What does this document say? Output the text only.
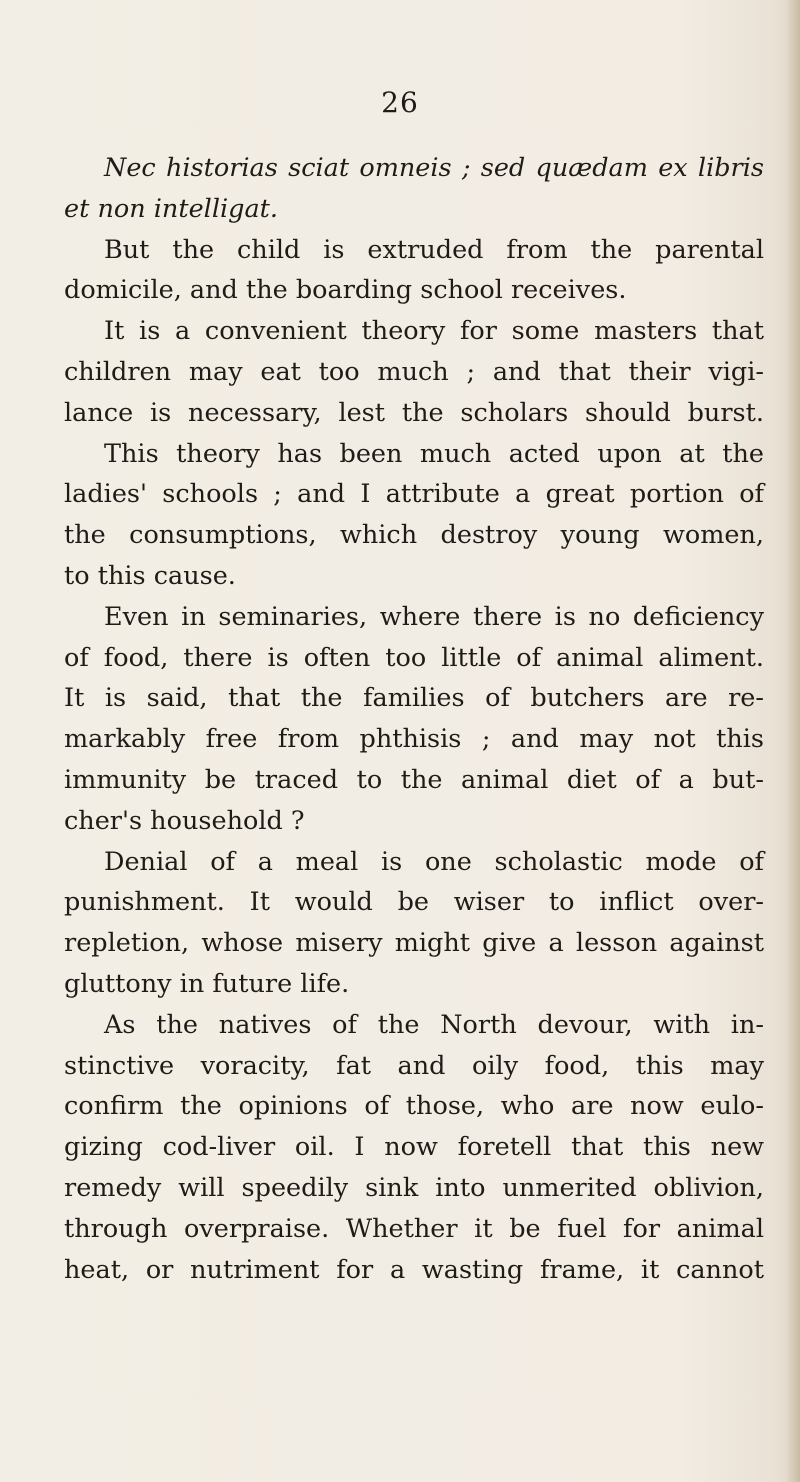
26
Nec historias sciat omneis ; sed quædam ex libris
et non intelligat.
But the child is extruded from the parental
domicile, and the boarding school receives.
It is a convenient theory for some masters that
children may eat too much ; and that their vigi-
lance is necessary, lest the scholars should burst.
This theory has been much acted upon at the
ladies' schools ; and I attribute a great portion of
the consumptions, which destroy young women,
to this cause.
Even in seminaries, where there is no deficiency
of food, there is often too little of animal aliment.
It is said, that the families of butchers are re-
markably free from phthisis ; and may not this
immunity be traced to the animal diet of a but-
cher's household ?
Denial of a meal is one scholastic mode of
punishment. It would be wiser to inflict over-
repletion, whose misery might give a lesson against
gluttony in future life.
As the natives of the North devour, with in-
stinctive voracity, fat and oily food, this may
confirm the opinions of those, who are now eulo-
gizing cod-liver oil. I now foretell that this new
remedy will speedily sink into unmerited oblivion,
through overpraise. Whether it be fuel for animal
heat, or nutriment for a wasting frame, it cannot
